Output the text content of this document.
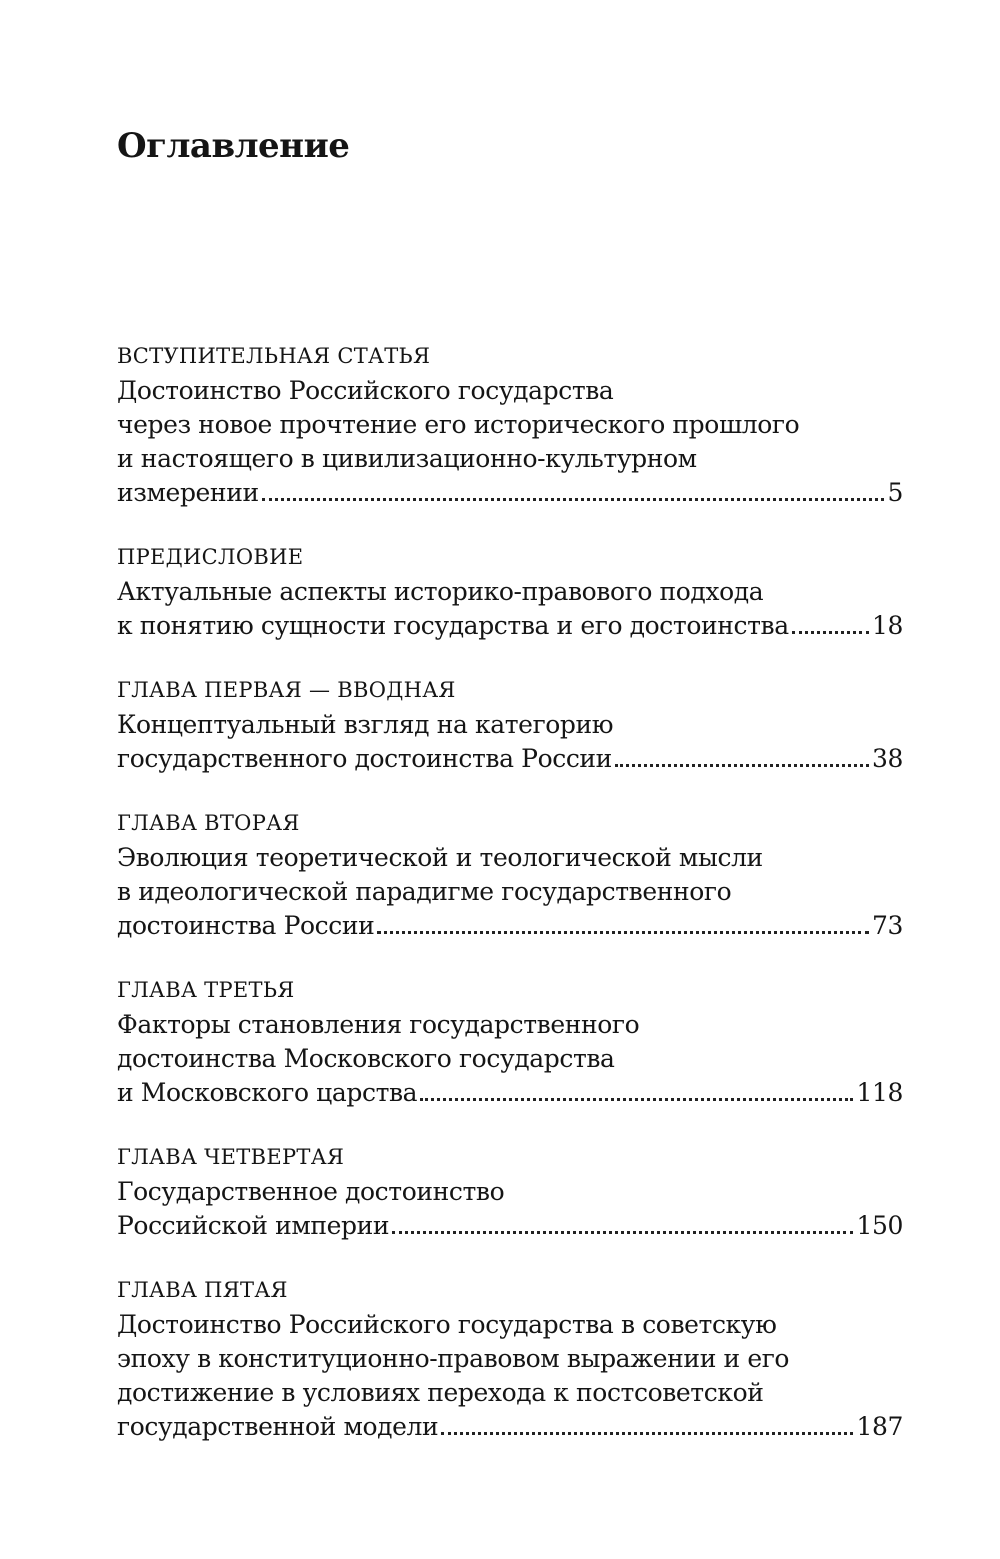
Оглавление
ВСТУПИТЕЛЬНАЯ СТАТЬЯ
Достоинство Российского государства
через новое прочтение его исторического прошлого
и настоящего в цивилизационно-культурном
измерении	5
ПРЕДИСЛОВИЕ
Актуальные аспекты историко-правового подхода
к понятию сущности государства и его достоинства	18
ГЛАВА ПЕРВАЯ — ВВОДНАЯ
Концептуальный взгляд на категорию
государственного достоинства России	38
ГЛАВА ВТОРАЯ
Эволюция теоретической и теологической мысли
в идеологической парадигме государственного
достоинства России	73
ГЛАВА ТРЕТЬЯ
Факторы становления государственного
достоинства Московского государства
и Московского царства	118
ГЛАВА ЧЕТВЕРТАЯ
Государственное достоинство
Российской империи	150
ГЛАВА ПЯТАЯ
Достоинство Российского государства в советскую
эпоху в конституционно-правовом выражении и его
достижение в условиях перехода к постсоветской
государственной модели	187
